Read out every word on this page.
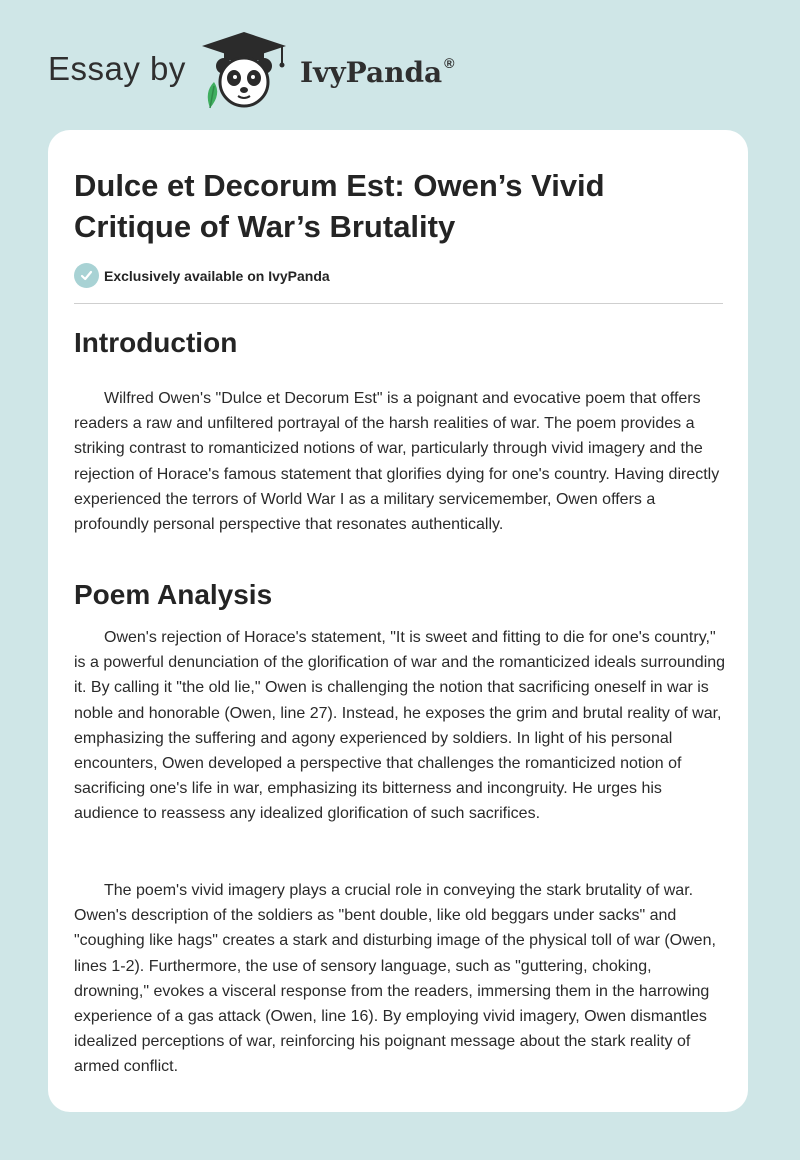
Essay by	IvyPanda ®
Dulce et Decorum Est: Owen’s Vivid Critique of War’s Brutality
Exclusively available on IvyPanda
Introduction

Wilfred Owen's "Dulce et Decorum Est" is a poignant and evocative poem that offers readers a raw and unfiltered portrayal of the harsh realities of war. The poem provides a striking contrast to romanticized notions of war, particularly through vivid imagery and the rejection of Horace's famous statement that glorifies dying for one's country. Having directly experienced the terrors of World War I as a military servicemember, Owen offers a profoundly personal perspective that resonates authentically.

Poem Analysis

Owen's rejection of Horace's statement, "It is sweet and fitting to die for one's country," is a powerful denunciation of the glorification of war and the romanticized ideals surrounding it. By calling it "the old lie," Owen is challenging the notion that sacrificing oneself in war is noble and honorable (Owen, line 27). Instead, he exposes the grim and brutal reality of war, emphasizing the suffering and agony experienced by soldiers. In light of his personal encounters, Owen developed a perspective that challenges the romanticized notion of sacrificing one's life in war, emphasizing its bitterness and incongruity. He urges his audience to reassess any idealized glorification of such sacrifices.

The poem's vivid imagery plays a crucial role in conveying the stark brutality of war. Owen's description of the soldiers as "bent double, like old beggars under sacks" and "coughing like hags" creates a stark and disturbing image of the physical toll of war (Owen, lines 1-2). Furthermore, the use of sensory language, such as "guttering, choking, drowning," evokes a visceral response from the readers, immersing them in the harrowing experience of a gas attack (Owen, line 16). By employing vivid imagery, Owen dismantles idealized perceptions of war, reinforcing his poignant message about the stark reality of armed conflict.
